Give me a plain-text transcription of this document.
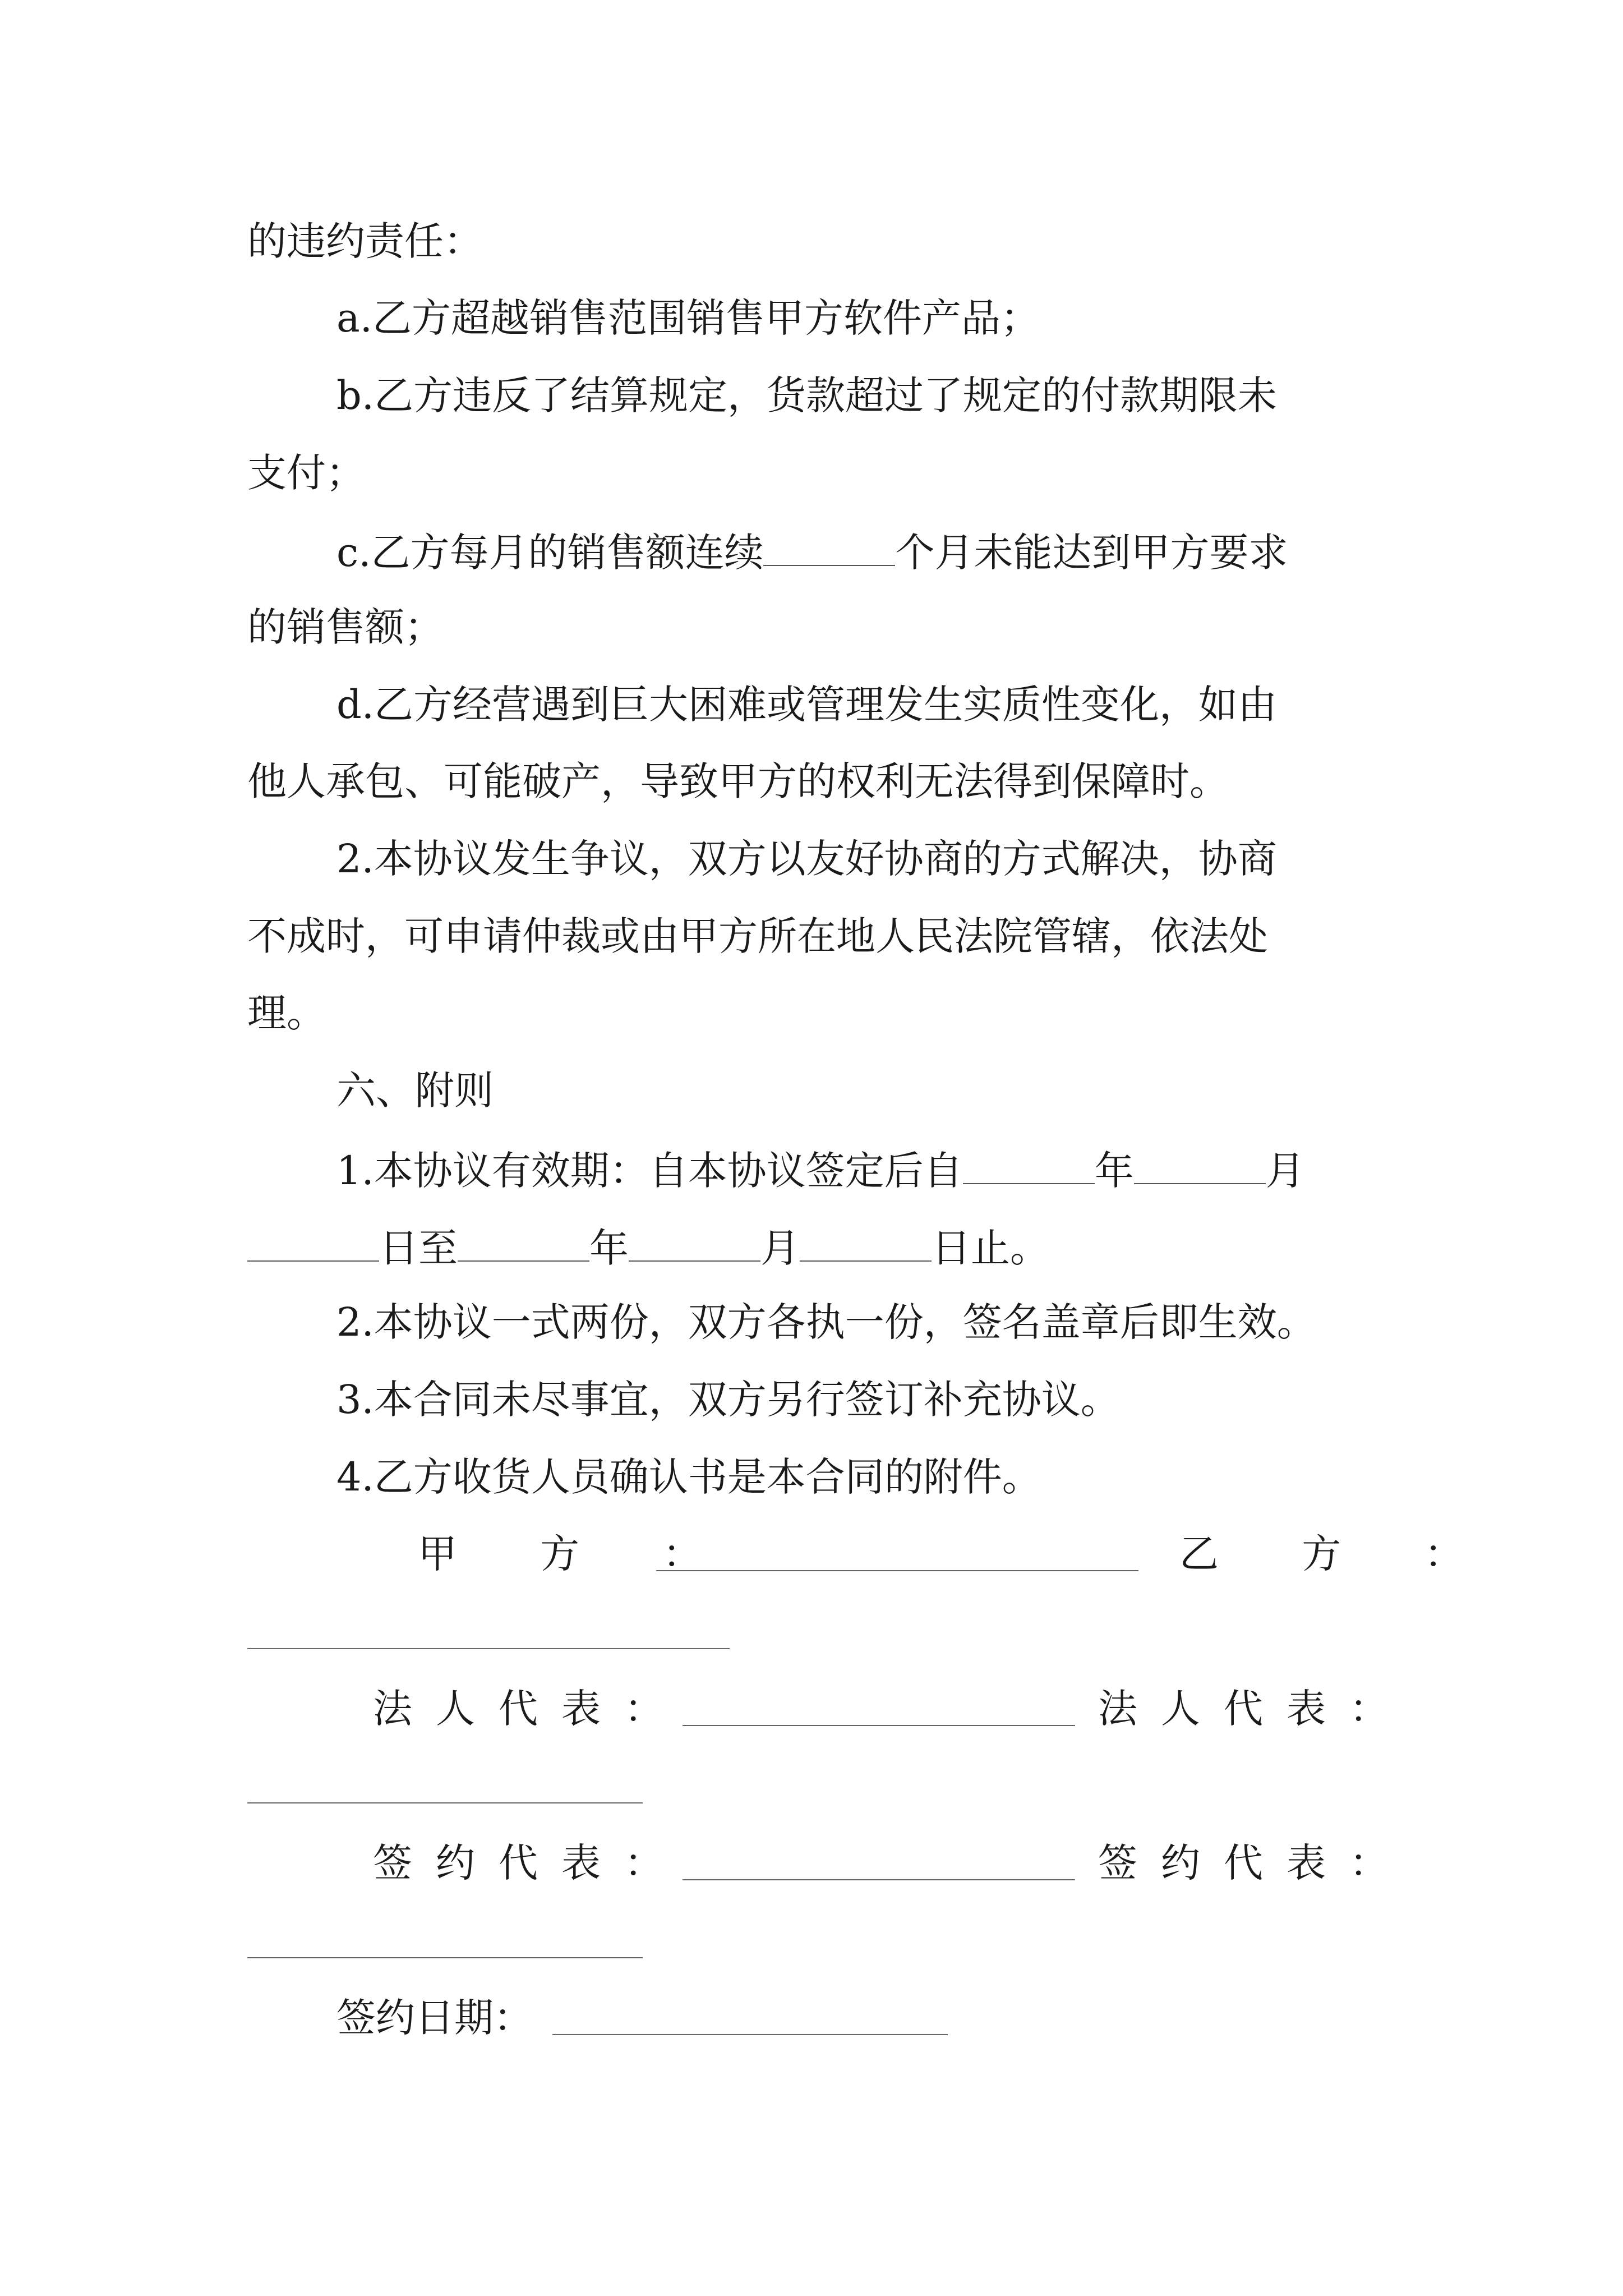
的违约责任：
a.乙方超越销售范围销售甲方软件产品；
b.乙方违反了结算规定，货款超过了规定的付款期限未
支付；
c.乙方每月的销售额连续	个月未能达到甲方要求
的销售额；
d.乙方经营遇到巨大困难或管理发生实质性变化，如由
他人承包、可能破产，导致甲方的权利无法得到保障时。
2.本协议发生争议，双方以友好协商的方式解决，协商
不成时，可申请仲裁或由甲方所在地人民法院管辖，依法处
理。
六、附则
1.本协议有效期：自本协议签定后自	年	月
日至	年	月	日止。
2.本协议一式两份，双方各执一份，签名盖章后即生效。
3.本合同未尽事宜，双方另行签订补充协议。
4.乙方收货人员确认书是本合同的附件。
甲 方 ：	乙 方 ：
法人代表：	法人代表：
签约代表：	签约代表：
签约日期：
